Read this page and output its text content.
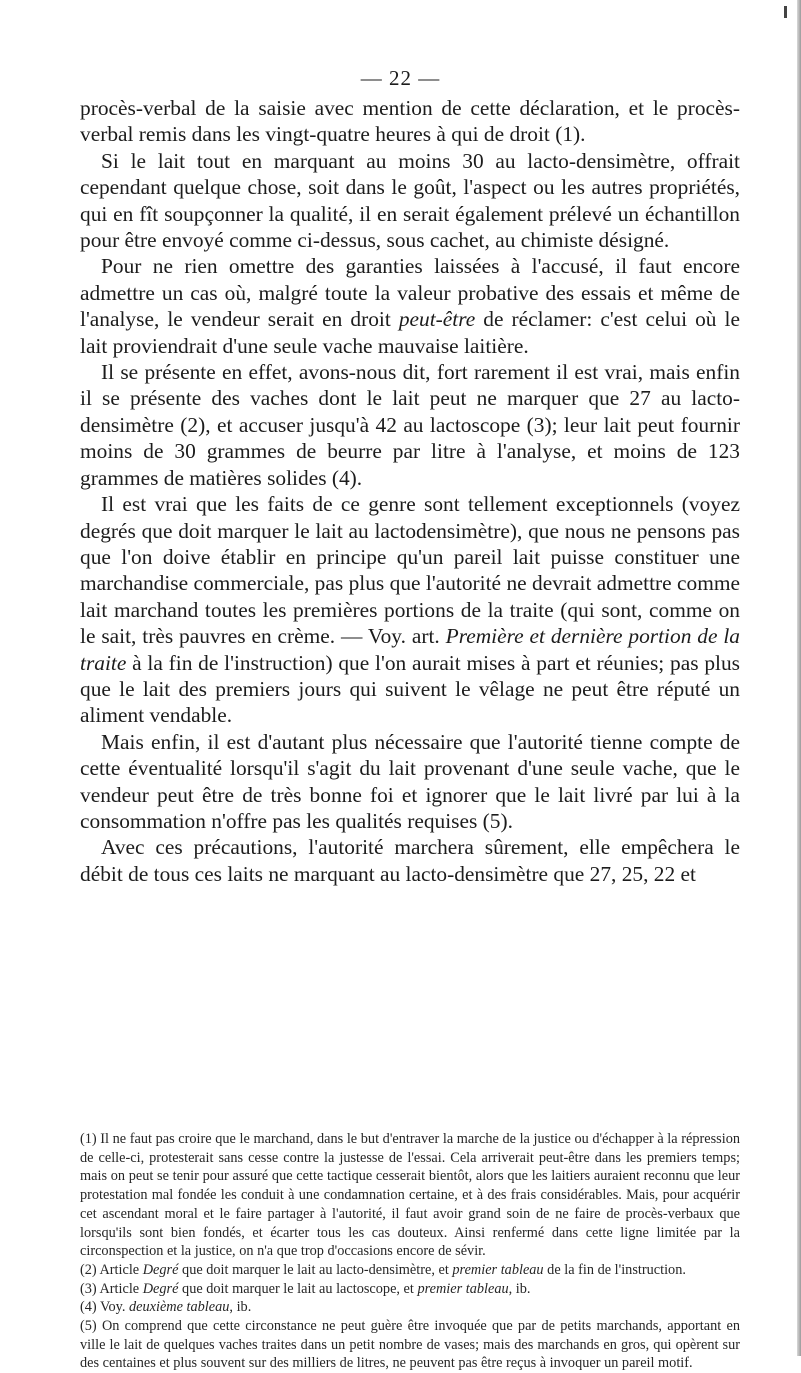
— 22 —

procès-verbal de la saisie avec mention de cette déclaration, et le procès-verbal remis dans les vingt-quatre heures à qui de droit (1).

Si le lait tout en marquant au moins 30 au lacto-densimètre, offrait cependant quelque chose, soit dans le goût, l'aspect ou les autres propriétés, qui en fît soupçonner la qualité, il en serait également prélevé un échantillon pour être envoyé comme ci-dessus, sous cachet, au chimiste désigné.

Pour ne rien omettre des garanties laissées à l'accusé, il faut encore admettre un cas où, malgré toute la valeur probative des essais et même de l'analyse, le vendeur serait en droit peut-être de réclamer: c'est celui où le lait proviendrait d'une seule vache mauvaise laitière.

Il se présente en effet, avons-nous dit, fort rarement il est vrai, mais enfin il se présente des vaches dont le lait peut ne marquer que 27 au lacto-densimètre (2), et accuser jusqu'à 42 au lactoscope (3); leur lait peut fournir moins de 30 grammes de beurre par litre à l'analyse, et moins de 123 grammes de matières solides (4).

Il est vrai que les faits de ce genre sont tellement exceptionnels (voyez degrés que doit marquer le lait au lactodensimètre), que nous ne pensons pas que l'on doive établir en principe qu'un pareil lait puisse constituer une marchandise commerciale, pas plus que l'autorité ne devrait admettre comme lait marchand toutes les premières portions de la traite (qui sont, comme on le sait, très pauvres en crème. — Voy. art. Première et dernière portion de la traite à la fin de l'instruction) que l'on aurait mises à part et réunies; pas plus que le lait des premiers jours qui suivent le vêlage ne peut être réputé un aliment vendable.

Mais enfin, il est d'autant plus nécessaire que l'autorité tienne compte de cette éventualité lorsqu'il s'agit du lait provenant d'une seule vache, que le vendeur peut être de très bonne foi et ignorer que le lait livré par lui à la consommation n'offre pas les qualités requises (5).

Avec ces précautions, l'autorité marchera sûrement, elle empêchera le débit de tous ces laits ne marquant au lacto-densimètre que 27, 25, 22 et

(1) Il ne faut pas croire que le marchand, dans le but d'entraver la marche de la justice ou d'échapper à la répression de celle-ci, protesterait sans cesse contre la justesse de l'essai. Cela arriverait peut-être dans les premiers temps; mais on peut se tenir pour assuré que cette tactique cesserait bientôt, alors que les laitiers auraient reconnu que leur protestation mal fondée les conduit à une condamnation certaine, et à des frais considérables. Mais, pour acquérir cet ascendant moral et le faire partager à l'autorité, il faut avoir grand soin de ne faire de procès-verbaux que lorsqu'ils sont bien fondés, et écarter tous les cas douteux. Ainsi renfermé dans cette ligne limitée par la circonspection et la justice, on n'a que trop d'occasions encore de sévir.

(2) Article Degré que doit marquer le lait au lacto-densimètre, et premier tableau de la fin de l'instruction.

(3) Article Degré que doit marquer le lait au lactoscope, et premier tableau, ib.

(4) Voy. deuxième tableau, ib.

(5) On comprend que cette circonstance ne peut guère être invoquée que par de petits marchands, apportant en ville le lait de quelques vaches traites dans un petit nombre de vases; mais des marchands en gros, qui opèrent sur des centaines et plus souvent sur des milliers de litres, ne peuvent pas être reçus à invoquer un pareil motif.
